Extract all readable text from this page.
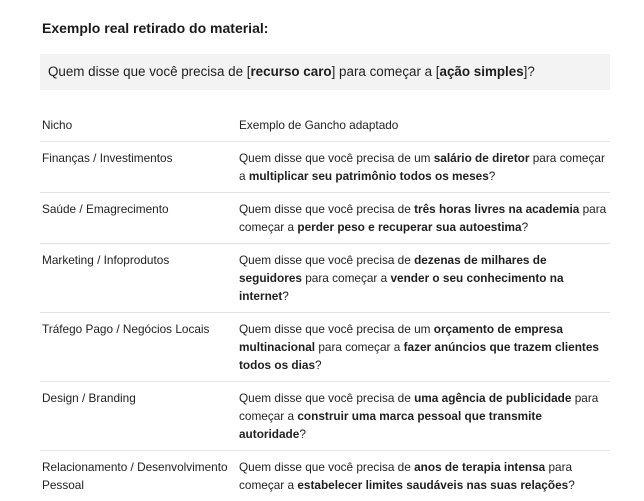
Exemplo real retirado do material:
Quem disse que você precisa de [recurso caro] para começar a [ação simples]?
Nicho	Exemplo de Gancho adaptado
Finanças / Investimentos	Quem disse que você precisa de um salário de diretor para começar a multiplicar seu patrimônio todos os meses?
Saúde / Emagrecimento	Quem disse que você precisa de três horas livres na academia para começar a perder peso e recuperar sua autoestima?
Marketing / Infoprodutos	Quem disse que você precisa de dezenas de milhares de seguidores para começar a vender o seu conhecimento na internet?
Tráfego Pago / Negócios Locais	Quem disse que você precisa de um orçamento de empresa multinacional para começar a fazer anúncios que trazem clientes todos os dias?
Design / Branding	Quem disse que você precisa de uma agência de publicidade para começar a construir uma marca pessoal que transmite autoridade?
Relacionamento / Desenvolvimento Pessoal	Quem disse que você precisa de anos de terapia intensa para começar a estabelecer limites saudáveis nas suas relações?
